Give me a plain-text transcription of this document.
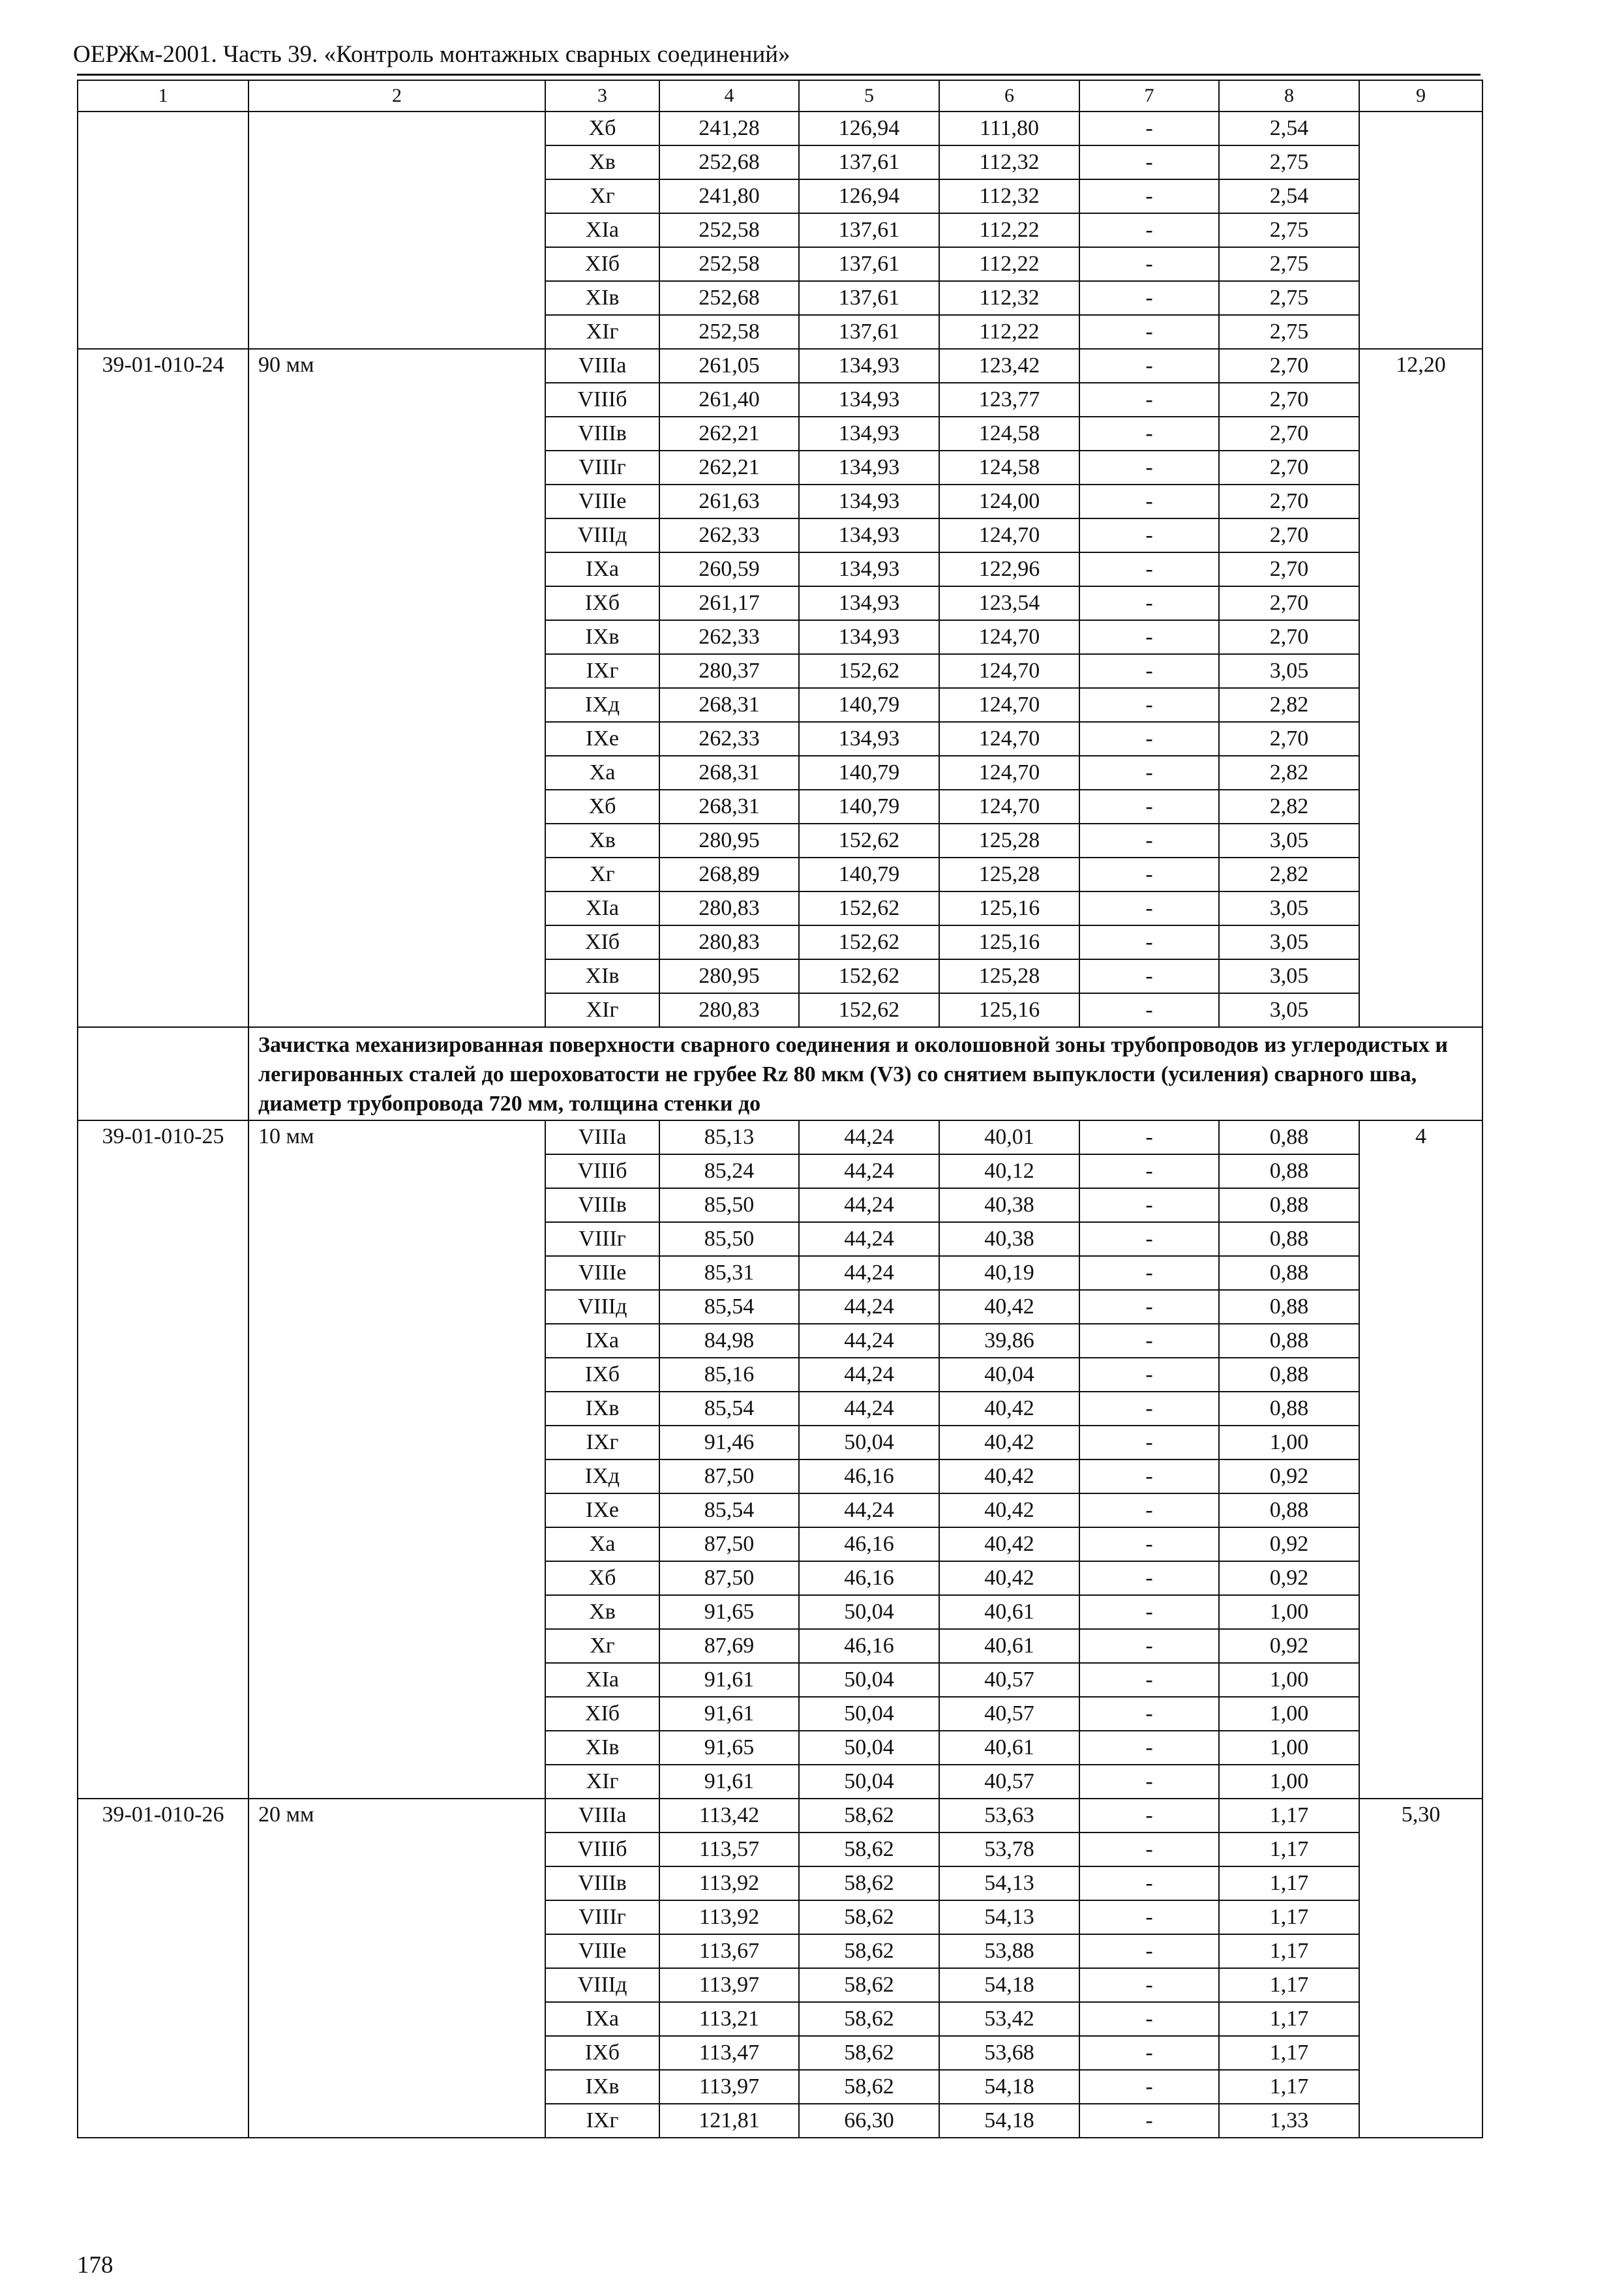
ОЕРЖм-2001. Часть 39. «Контроль монтажных сварных соединений»
1	2	3	4	5	6	7	8	9
		Xб	241,28	126,94	111,80	-	2,54	
		Xв	252,68	137,61	112,32	-	2,75	
		Xг	241,80	126,94	112,32	-	2,54	
		XIа	252,58	137,61	112,22	-	2,75	
		XIб	252,58	137,61	112,22	-	2,75	
		XIв	252,68	137,61	112,32	-	2,75	
		XIг	252,58	137,61	112,22	-	2,75	
39-01-010-24	90 мм	VIIIа	261,05	134,93	123,42	-	2,70	12,20
		VIIIб	261,40	134,93	123,77	-	2,70	
		VIIIв	262,21	134,93	124,58	-	2,70	
		VIIIг	262,21	134,93	124,58	-	2,70	
		VIIIе	261,63	134,93	124,00	-	2,70	
		VIIIд	262,33	134,93	124,70	-	2,70	
		IXа	260,59	134,93	122,96	-	2,70	
		IXб	261,17	134,93	123,54	-	2,70	
		IXв	262,33	134,93	124,70	-	2,70	
		IXг	280,37	152,62	124,70	-	3,05	
		IXд	268,31	140,79	124,70	-	2,82	
		IXе	262,33	134,93	124,70	-	2,70	
		Xа	268,31	140,79	124,70	-	2,82	
		Xб	268,31	140,79	124,70	-	2,82	
		Xв	280,95	152,62	125,28	-	3,05	
		Xг	268,89	140,79	125,28	-	2,82	
		XIа	280,83	152,62	125,16	-	3,05	
		XIб	280,83	152,62	125,16	-	3,05	
		XIв	280,95	152,62	125,28	-	3,05	
		XIг	280,83	152,62	125,16	-	3,05	
	Зачистка механизированная поверхности сварного соединения и околошовной зоны трубопроводов из углеродистых и легированных сталей до шероховатости не грубее Rz 80 мкм (V3) со снятием выпуклости (усиления) сварного шва, диаметр трубопровода 720 мм, толщина стенки до							
39-01-010-25	10 мм	VIIIа	85,13	44,24	40,01	-	0,88	4
		VIIIб	85,24	44,24	40,12	-	0,88	
		VIIIв	85,50	44,24	40,38	-	0,88	
		VIIIг	85,50	44,24	40,38	-	0,88	
		VIIIе	85,31	44,24	40,19	-	0,88	
		VIIIд	85,54	44,24	40,42	-	0,88	
		IXа	84,98	44,24	39,86	-	0,88	
		IXб	85,16	44,24	40,04	-	0,88	
		IXв	85,54	44,24	40,42	-	0,88	
		IXг	91,46	50,04	40,42	-	1,00	
		IXд	87,50	46,16	40,42	-	0,92	
		IXе	85,54	44,24	40,42	-	0,88	
		Xа	87,50	46,16	40,42	-	0,92	
		Xб	87,50	46,16	40,42	-	0,92	
		Xв	91,65	50,04	40,61	-	1,00	
		Xг	87,69	46,16	40,61	-	0,92	
		XIа	91,61	50,04	40,57	-	1,00	
		XIб	91,61	50,04	40,57	-	1,00	
		XIв	91,65	50,04	40,61	-	1,00	
		XIг	91,61	50,04	40,57	-	1,00	
39-01-010-26	20 мм	VIIIа	113,42	58,62	53,63	-	1,17	5,30
		VIIIб	113,57	58,62	53,78	-	1,17	
		VIIIв	113,92	58,62	54,13	-	1,17	
		VIIIг	113,92	58,62	54,13	-	1,17	
		VIIIе	113,67	58,62	53,88	-	1,17	
		VIIIд	113,97	58,62	54,18	-	1,17	
		IXа	113,21	58,62	53,42	-	1,17	
		IXб	113,47	58,62	53,68	-	1,17	
		IXв	113,97	58,62	54,18	-	1,17	
		IXг	121,81	66,30	54,18	-	1,33	
178
